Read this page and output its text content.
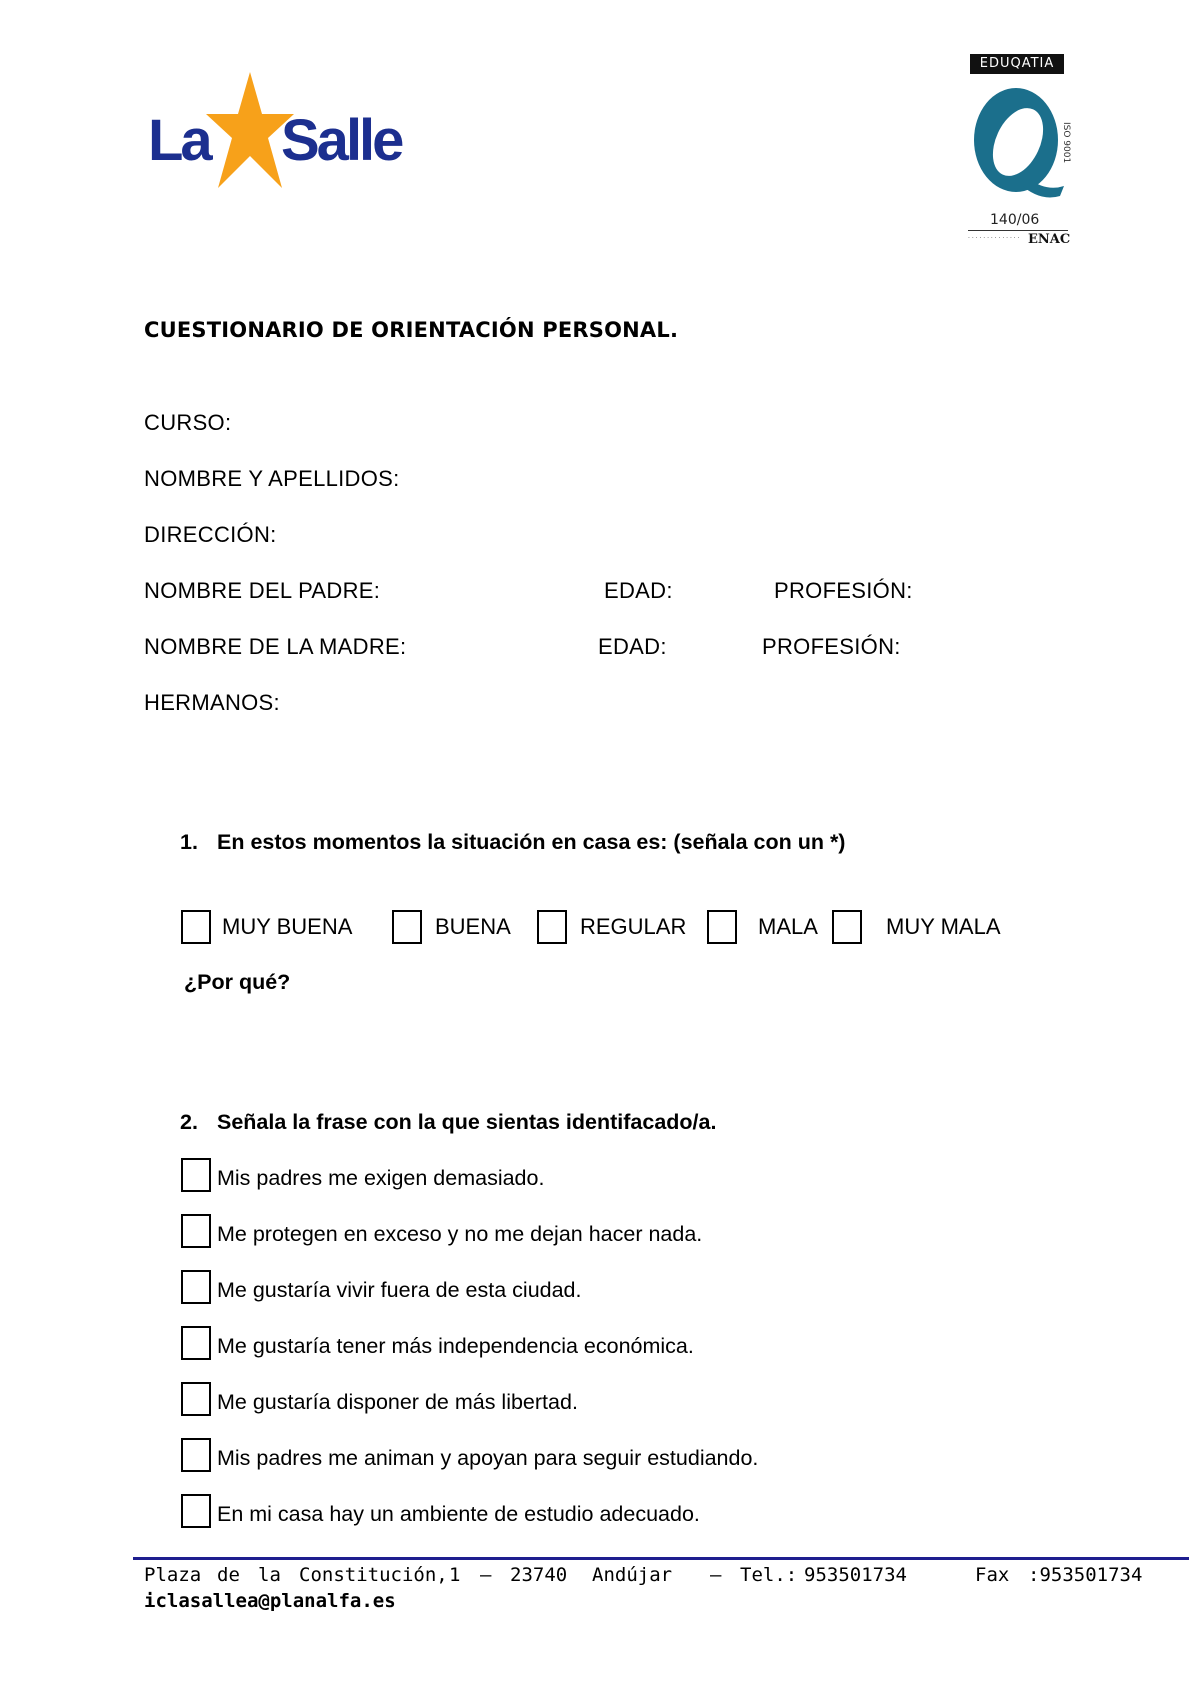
La Salle
EDUQATIA
ISO 9001
140/06
· · · · · · · · · · · · · · ENAC
CUESTIONARIO DE ORIENTACIÓN PERSONAL.
CURSO:
NOMBRE Y APELLIDOS:
DIRECCIÓN:
NOMBRE DEL PADRE:	EDAD:	PROFESIÓN:
NOMBRE DE LA MADRE:	EDAD:	PROFESIÓN:
HERMANOS:
1. En estos momentos la situación en casa es: (señala con un *)
MUY BUENA	BUENA	REGULAR	MALA	MUY MALA
¿Por qué?
2. Señala la frase con la que sientas identifacado/a.
Mis padres me exigen demasiado.
Me protegen en exceso y no me dejan hacer nada.
Me gustaría vivir fuera de esta ciudad.
Me gustaría tener más independencia económica.
Me gustaría disponer de más libertad.
Mis padres me animan y apoyan para seguir estudiando.
En mi casa hay un ambiente de estudio adecuado.
Plaza de la Constitución, 1 – 23740 Andújar – Tel.: 953501734	Fax :953501734
iclasallea@planalfa.es
